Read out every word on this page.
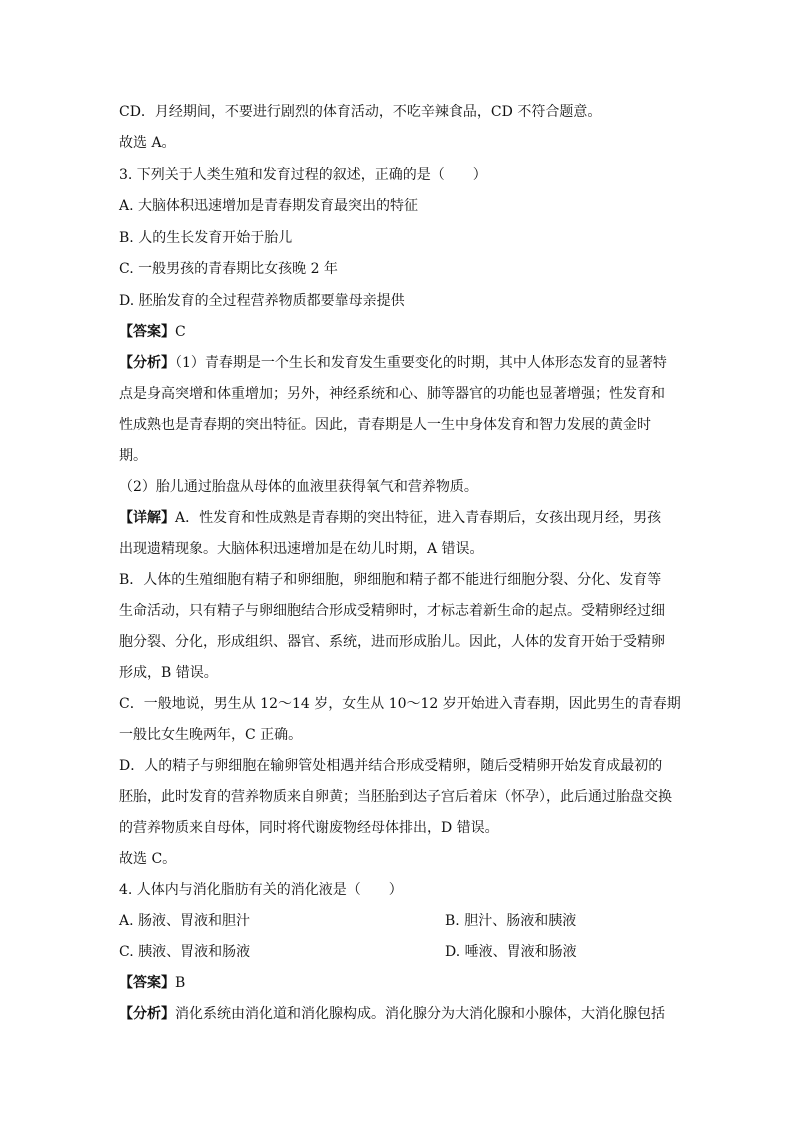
CD．月经期间，不要进行剧烈的体育活动，不吃辛辣食品，CD 不符合题意。
故选 A。
3. 下列关于人类生殖和发育过程的叙述，正确的是（　　）
A. 大脑体积迅速增加是青春期发育最突出的特征
B. 人的生长发育开始于胎儿
C. 一般男孩的青春期比女孩晚 2 年
D. 胚胎发育的全过程营养物质都要靠母亲提供
【答案】C
【分析】（1）青春期是一个生长和发育发生重要变化的时期，其中人体形态发育的显著特
点是身高突增和体重增加；另外，神经系统和心、肺等器官的功能也显著增强；性发育和
性成熟也是青春期的突出特征。因此，青春期是人一生中身体发育和智力发展的黄金时
期。
（2）胎儿通过胎盘从母体的血液里获得氧气和营养物质。
【详解】A．性发育和性成熟是青春期的突出特征，进入青春期后，女孩出现月经，男孩
出现遗精现象。大脑体积迅速增加是在幼儿时期，A 错误。
B．人体的生殖细胞有精子和卵细胞，卵细胞和精子都不能进行细胞分裂、分化、发育等
生命活动，只有精子与卵细胞结合形成受精卵时，才标志着新生命的起点。受精卵经过细
胞分裂、分化，形成组织、器官、系统，进而形成胎儿。因此，人体的发育开始于受精卵
形成，B 错误。
C．一般地说，男生从 12～14 岁，女生从 10～12 岁开始进入青春期，因此男生的青春期
一般比女生晚两年，C 正确。
D．人的精子与卵细胞在输卵管处相遇并结合形成受精卵，随后受精卵开始发育成最初的
胚胎，此时发育的营养物质来自卵黄；当胚胎到达子宫后着床（怀孕），此后通过胎盘交换
的营养物质来自母体，同时将代谢废物经母体排出，D 错误。
故选 C。
4. 人体内与消化脂肪有关的消化液是（　　）
A. 肠液、胃液和胆汁	B. 胆汁、肠液和胰液
C. 胰液、胃液和肠液	D. 唾液、胃液和肠液
【答案】B
【分析】消化系统由消化道和消化腺构成。消化腺分为大消化腺和小腺体，大消化腺包括
